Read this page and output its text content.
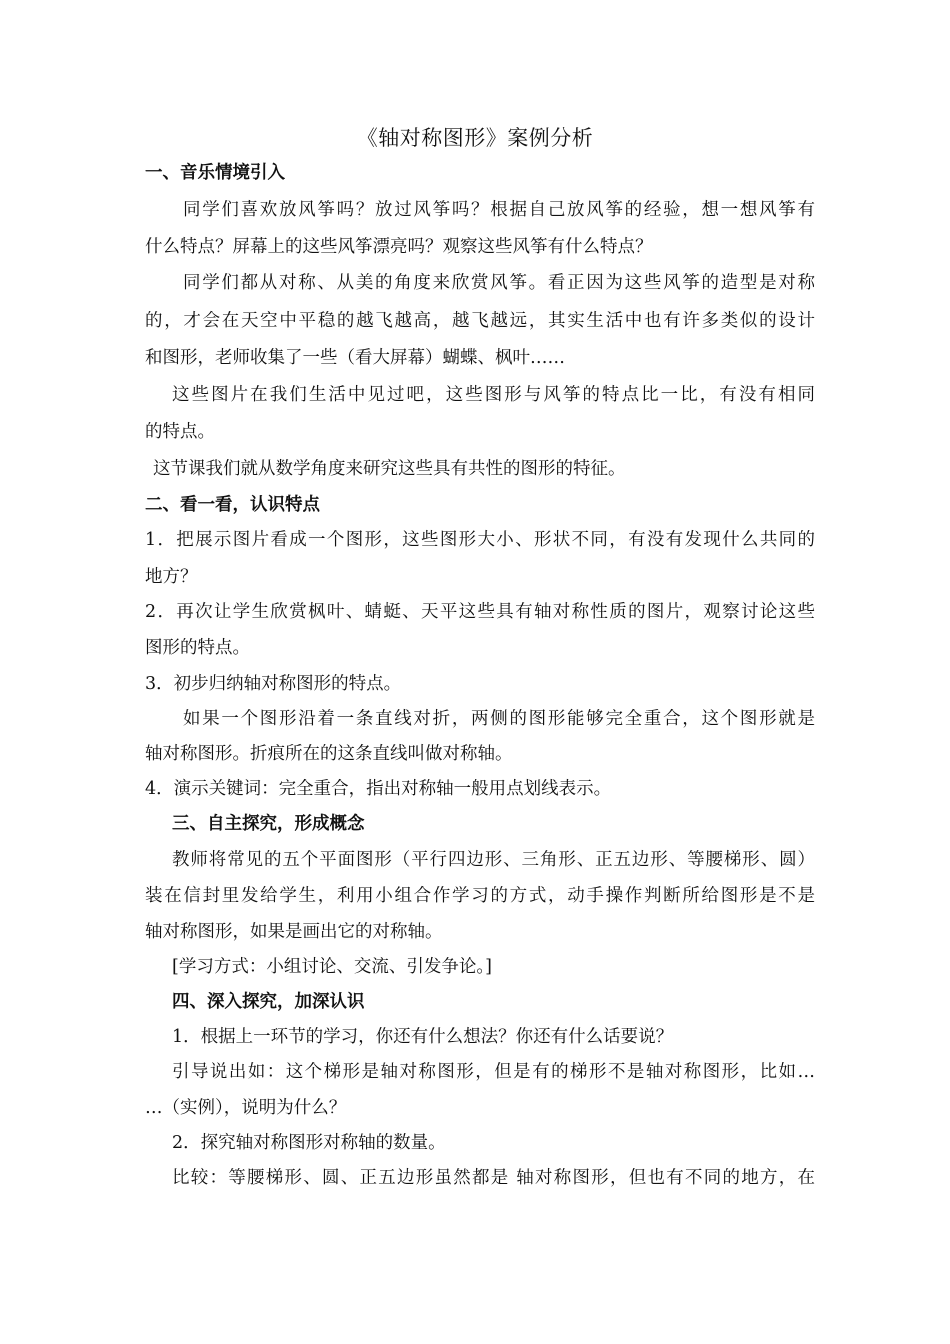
《轴对称图形》案例分析
一、音乐情境引入
同学们喜欢放风筝吗？放过风筝吗？根据自己放风筝的经验，想一想风筝有
什么特点？屏幕上的这些风筝漂亮吗？观察这些风筝有什么特点？
同学们都从对称、从美的角度来欣赏风筝。看正因为这些风筝的造型是对称
的，才会在天空中平稳的越飞越高，越飞越远，其实生活中也有许多类似的设计
和图形，老师收集了一些（看大屏幕）蝴蝶、枫叶……
这些图片在我们生活中见过吧，这些图形与风筝的特点比一比，有没有相同
的特点。
这节课我们就从数学角度来研究这些具有共性的图形的特征。
二、看一看，认识特点
1．把展示图片看成一个图形，这些图形大小、形状不同，有没有发现什么共同的
地方？
2．再次让学生欣赏枫叶、蜻蜓、天平这些具有轴对称性质的图片，观察讨论这些
图形的特点。
3．初步归纳轴对称图形的特点。
如果一个图形沿着一条直线对折，两侧的图形能够完全重合，这个图形就是
轴对称图形。折痕所在的这条直线叫做对称轴。
4．演示关键词：完全重合，指出对称轴一般用点划线表示。
三、自主探究，形成概念
教师将常见的五个平面图形（平行四边形、三角形、正五边形、等腰梯形、圆）
装在信封里发给学生，利用小组合作学习的方式，动手操作判断所给图形是不是
轴对称图形，如果是画出它的对称轴。
[学习方式：小组讨论、交流、引发争论。]
四、深入探究，加深认识
1．根据上一环节的学习，你还有什么想法？你还有什么话要说？
引导说出如：这个梯形是轴对称图形，但是有的梯形不是轴对称图形，比如…
…（实例），说明为什么？
2．探究轴对称图形对称轴的数量。
比较：等腰梯形、圆、正五边形虽然都是 轴对称图形，但也有不同的地方，在
